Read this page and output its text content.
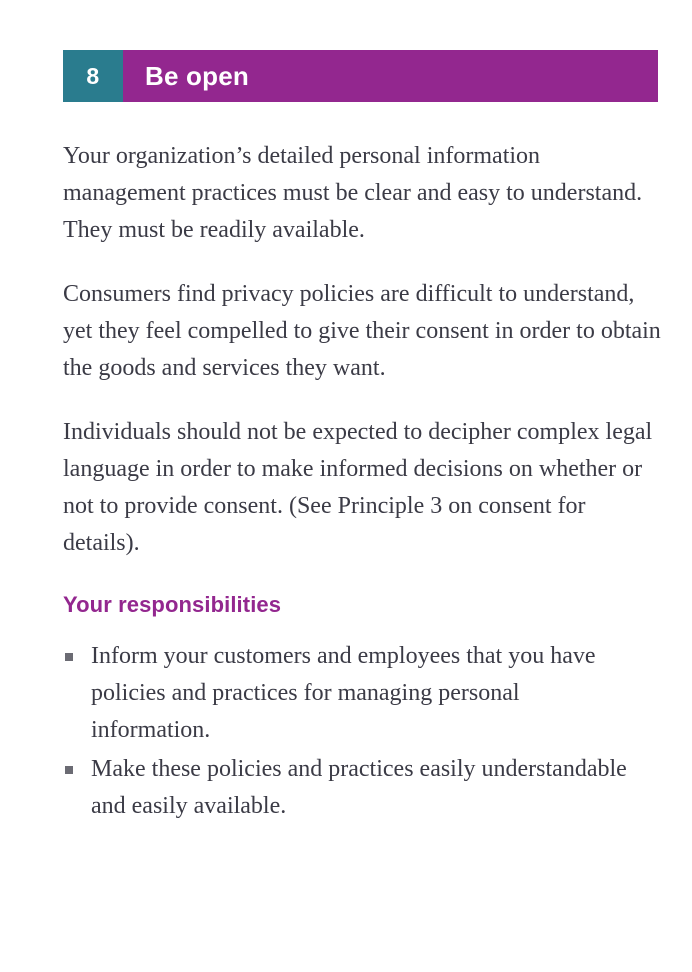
8	Be open

Your organization’s detailed personal information management practices must be clear and easy to understand. They must be readily available.

Consumers find privacy policies are difficult to understand, yet they feel compelled to give their consent in order to obtain the goods and services they want.

Individuals should not be expected to decipher complex legal language in order to make informed decisions on whether or not to provide consent. (See Principle 3 on consent for details).

Your responsibilities
Inform your customers and employees that you have policies and practices for managing personal information.
Make these policies and practices easily understandable and easily available.
